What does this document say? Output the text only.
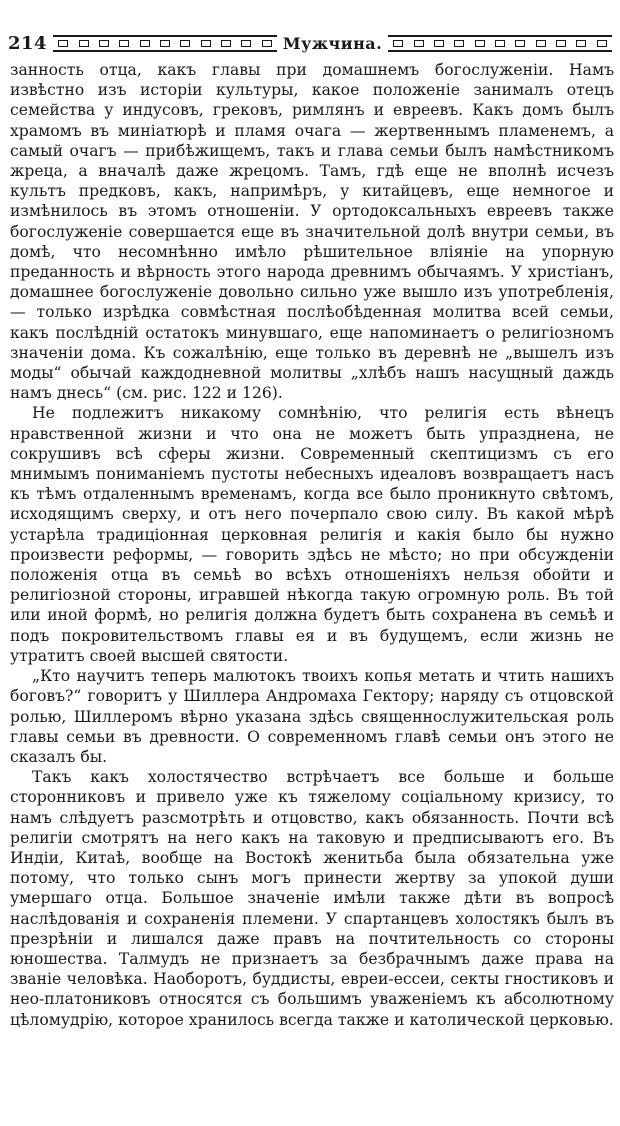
214	Мужчина.

занность отца, какъ главы при домашнемъ богослуженіи. Намъ извѣстно изъ исторіи культуры, какое положеніе занималъ отецъ семейства у индусовъ, грековъ, римлянъ и евреевъ. Какъ домъ былъ храмомъ въ миніатюрѣ и пламя очага — жертвеннымъ пламенемъ, а самый очагъ — прибѣжищемъ, такъ и глава семьи былъ намѣстникомъ жреца, а вначалѣ даже жрецомъ. Тамъ, гдѣ еще не вполнѣ исчезъ культъ предковъ, какъ, напримѣръ, у китайцевъ, еще немногое и измѣнилось въ этомъ отношеніи. У ортодоксальныхъ евреевъ также богослуженіе совершается еще въ значительной долѣ внутри семьи, въ домѣ, что несомнѣнно имѣло рѣшительное вліяніе на упорную преданность и вѣрность этого народа древнимъ обычаямъ. У христіанъ, домашнее богослуженіе довольно сильно уже вышло изъ употребленія, — только изрѣдка совмѣстная послѣобѣденная молитва всей семьи, какъ послѣдній остатокъ минувшаго, еще напоминаетъ о религіозномъ значеніи дома. Къ сожалѣнію, еще только въ деревнѣ не „вышелъ изъ моды“ обычай каждодневной молитвы „хлѣбъ нашъ насущный даждь намъ днесь“ (см. рис. 122 и 126).

Не подлежитъ никакому сомнѣнію, что религія есть вѣнецъ нравственной жизни и что она не можетъ быть упразднена, не сокрушивъ всѣ сферы жизни. Современный скептицизмъ съ его мнимымъ пониманіемъ пустоты небесныхъ идеаловъ возвращаетъ насъ къ тѣмъ отдаленнымъ временамъ, когда все было проникнуто свѣтомъ, исходящимъ сверху, и отъ него почерпало свою силу. Въ какой мѣрѣ устарѣла традиціонная церковная религія и какія было бы нужно произвести реформы, — говорить здѣсь не мѣсто; но при обсужденіи положенія отца въ семьѣ во всѣхъ отношеніяхъ нельзя обойти и религіозной стороны, игравшей нѣкогда такую огромную роль. Въ той или иной формѣ, но религія должна будетъ быть сохранена въ семьѣ и подъ покровительствомъ главы ея и въ будущемъ, если жизнь не утратитъ своей высшей святости.

„Кто научитъ теперь малютокъ твоихъ копья метать и чтить нашихъ боговъ?“ говоритъ у Шиллера Андромаха Гектору; наряду съ отцовской ролью, Шиллеромъ вѣрно указана здѣсь священнослужительская роль главы семьи въ древности. О современномъ главѣ семьи онъ этого не сказалъ бы.

Такъ какъ холостячество встрѣчаетъ все больше и больше сторонниковъ и привело уже къ тяжелому соціальному кризису, то намъ слѣдуетъ разсмотрѣть и отцовство, какъ обязанность. Почти всѣ религіи смотрятъ на него какъ на таковую и предписываютъ его. Въ Индіи, Китаѣ, вообще на Востокѣ женитьба была обязательна уже потому, что только сынъ могъ принести жертву за упокой души умершаго отца. Большое значеніе имѣли также дѣти въ вопросѣ наслѣдованія и сохраненія племени. У спартанцевъ холостякъ былъ въ презрѣніи и лишался даже правъ на почтительность со стороны юношества. Талмудъ не признаетъ за безбрачнымъ даже права на званіе человѣка. Наоборотъ, буддисты, евреи-ессеи, секты гностиковъ и нео-платониковъ относятся съ большимъ уваженіемъ къ абсолютному цѣломудрію, которое хранилось всегда также и католической церковью.
